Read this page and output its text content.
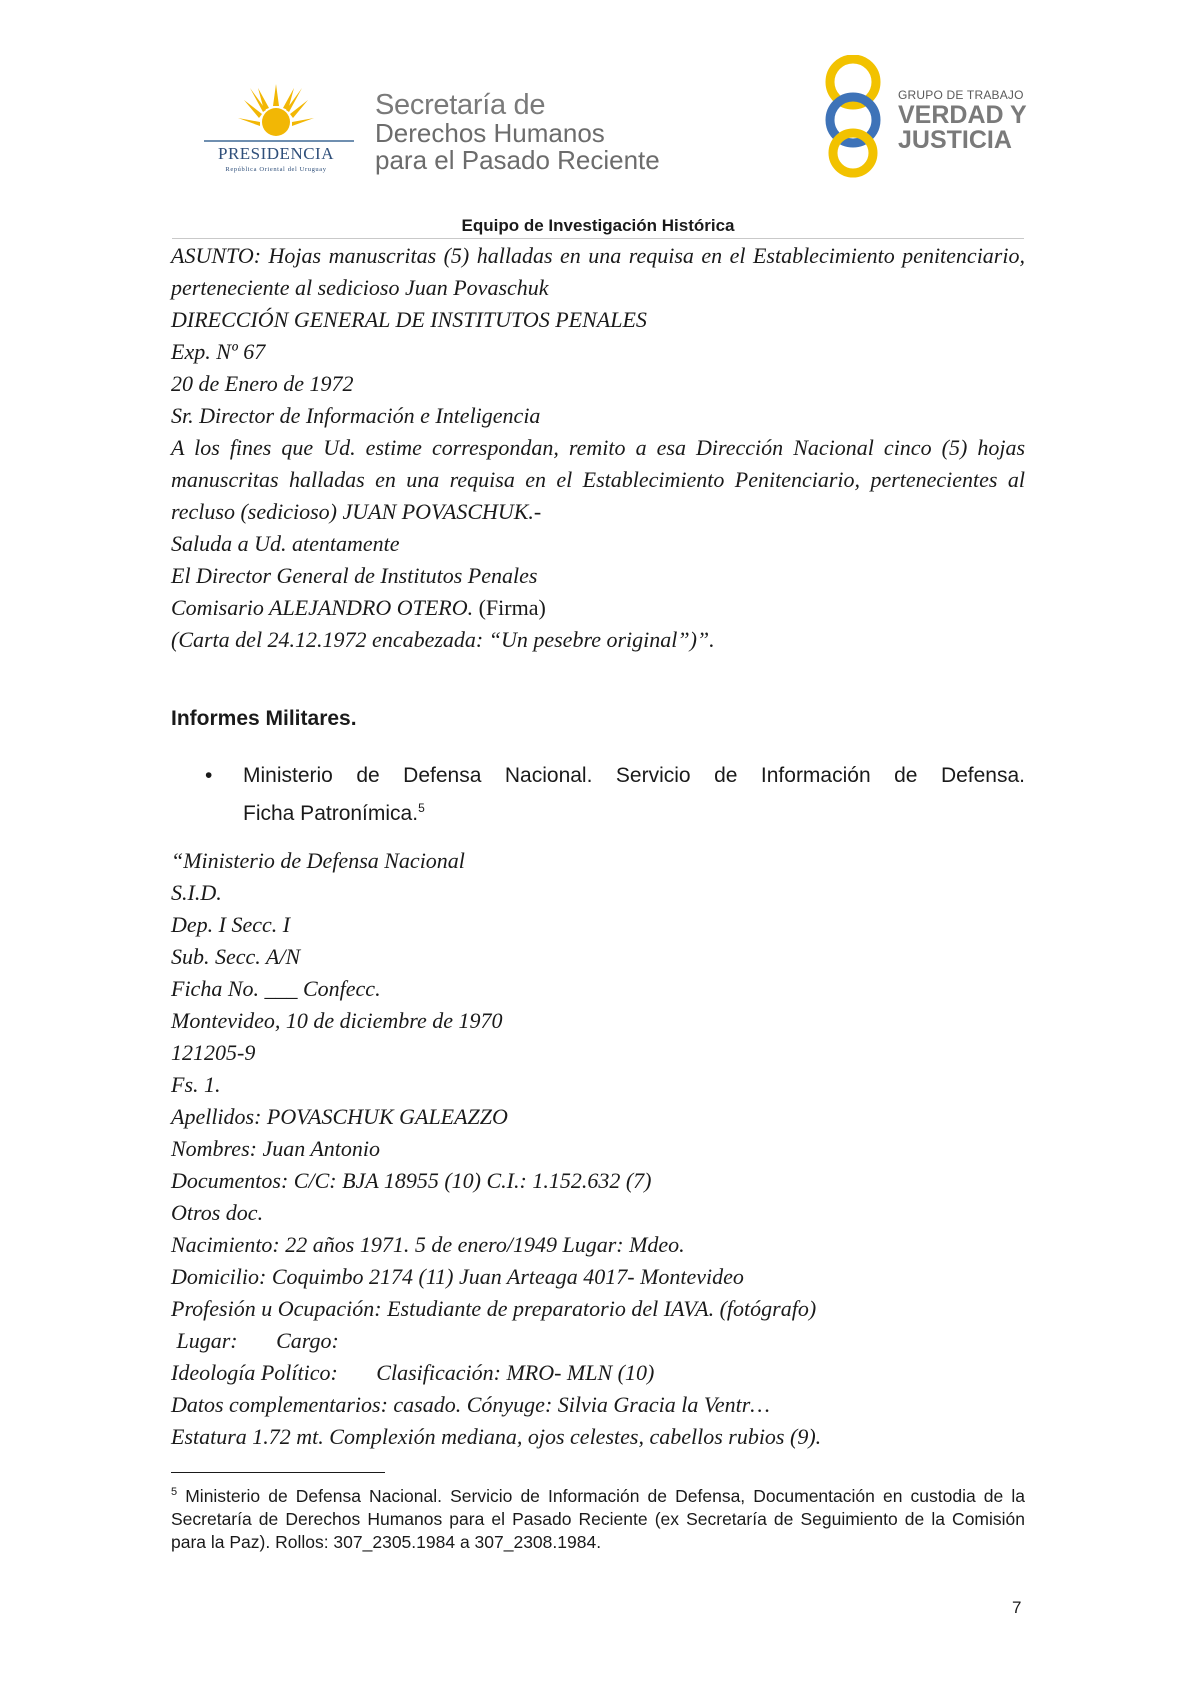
PRESIDENCIA
República Oriental del Uruguay
Secretaría de
Derechos Humanos
para el Pasado Reciente
GRUPO DE TRABAJO
VERDAD Y
JUSTICIA
Equipo de Investigación Histórica

ASUNTO: Hojas manuscritas (5) halladas en una requisa en el Establecimiento penitenciario, perteneciente al sedicioso Juan Povaschuk

DIRECCIÓN GENERAL DE INSTITUTOS PENALES

Exp. Nº 67

20 de Enero de 1972

Sr. Director de Información e Inteligencia

A los fines que Ud. estime correspondan, remito a esa Dirección Nacional cinco (5) hojas manuscritas halladas en una requisa en el Establecimiento Penitenciario, pertenecientes al recluso (sedicioso) JUAN POVASCHUK.-

Saluda a Ud. atentamente

El Director General de Institutos Penales

Comisario ALEJANDRO OTERO. (Firma)

(Carta del 24.12.1972 encabezada: “Un pesebre original”)”.

Informes Militares.
• Ministerio de Defensa Nacional. Servicio de Información de Defensa.
Ficha Patronímica.$^5$

“Ministerio de Defensa Nacional

S.I.D.

Dep. I Secc. I

Sub. Secc. A/N

Ficha No. ___ Confecc.

Montevideo, 10 de diciembre de 1970

121205-9

Fs. 1.

Apellidos: POVASCHUK GALEAZZO

Nombres: Juan Antonio

Documentos: C/C: BJA 18955 (10) C.I.: 1.152.632 (7)

Otros doc.

Nacimiento: 22 años 1971. 5 de enero/1949 Lugar: Mdeo.

Domicilio: Coquimbo 2174 (11) Juan Arteaga 4017- Montevideo

Profesión u Ocupación: Estudiante de preparatorio del IAVA. (fotógrafo)

Lugar:       Cargo:

Ideología Político:       Clasificación: MRO- MLN (10)

Datos complementarios: casado. Cónyuge: Silvia Gracia la Ventr…

Estatura 1.72 mt. Complexión mediana, ojos celestes, cabellos rubios (9).

$^5$ Ministerio de Defensa Nacional. Servicio de Información de Defensa, Documentación en custodia de la Secretaría de Derechos Humanos para el Pasado Reciente (ex Secretaría de Seguimiento de la Comisión para la Paz). Rollos: 307_2305.1984 a 307_2308.1984.
7
